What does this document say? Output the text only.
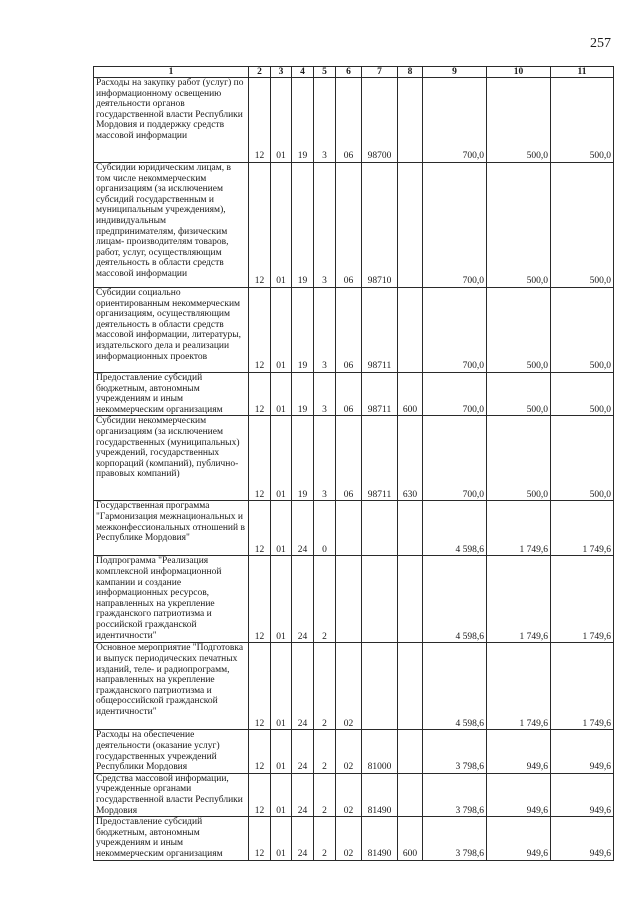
257
1	2	3	4	5	6	7	8	9	10	11
Расходы на закупку работ (услуг) по информационному освещению деятельности органов государственной власти Республики Мордовия и поддержку средств массовой информации	12	01	19	3	06	98700		700,0	500,0	500,0
Субсидии юридическим лицам, в том числе некоммерческим организациям (за исключением субсидий государственным и муниципальным учреждениям), индивидуальным предпринимателям, физическим лицам- производителям товаров, работ, услуг, осуществляющим деятельность в области средств массовой информации	12	01	19	3	06	98710		700,0	500,0	500,0
Субсидии социально ориентированным некоммерческим организациям, осуществляющим деятельность в области средств массовой информации, литературы, издательского дела и реализации информационных проектов	12	01	19	3	06	98711		700,0	500,0	500,0
Предоставление субсидий бюджетным, автономным учреждениям и иным некоммерческим организациям	12	01	19	3	06	98711	600	700,0	500,0	500,0
Субсидии некоммерческим организациям (за исключением государственных (муниципальных) учреждений, государственных корпораций (компаний), публично-правовых компаний)	12	01	19	3	06	98711	630	700,0	500,0	500,0
Государственная программа "Гармонизация межнациональных и межконфессиональных отношений в Республике Мордовия"	12	01	24	0				4 598,6	1 749,6	1 749,6
Подпрограмма "Реализация комплексной информационной кампании и создание информационных ресурсов, направленных на укрепление гражданского патриотизма и российской гражданской идентичности"	12	01	24	2				4 598,6	1 749,6	1 749,6
Основное мероприятие "Подготовка и выпуск периодических печатных изданий, теле- и радиопрограмм, направленных на укрепление гражданского патриотизма и общероссийской гражданской идентичности"	12	01	24	2	02			4 598,6	1 749,6	1 749,6
Расходы на обеспечение деятельности (оказание услуг) государственных учреждений Республики Мордовия	12	01	24	2	02	81000		3 798,6	949,6	949,6
Средства массовой информации, учрежденные органами государственной власти Республики Мордовия	12	01	24	2	02	81490		3 798,6	949,6	949,6
Предоставление субсидий бюджетным, автономным учреждениям и иным некоммерческим организациям	12	01	24	2	02	81490	600	3 798,6	949,6	949,6
